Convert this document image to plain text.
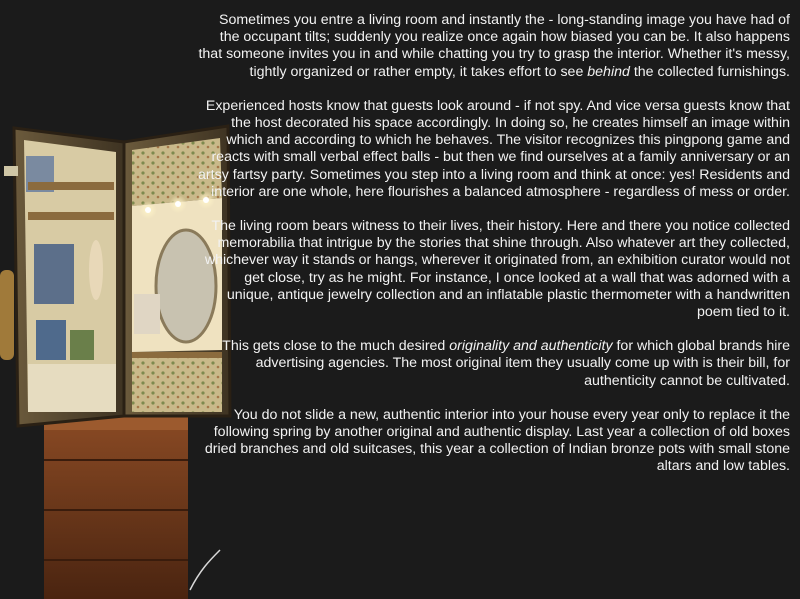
Sometimes you entre a living room and instantly the - long-standing image you have had of the occupant tilts; suddenly you realize once again how biased you can be. It also happens that someone invites you in and while chatting you try to grasp the interior. Whether it's messy, tightly organized or rather empty, it takes effort to see behind the collected furnishings.

Experienced hosts know that guests look around - if not spy. And vice versa guests know that the host decorated his space accordingly. In doing so, he creates himself an image within which and according to which he behaves. The visitor recognizes this pingpong game and reacts with small verbal effect balls - but then we find ourselves at a family anniversary or an artsy fartsy party. Sometimes you step into a living room and think at once: yes! Residents and interior are one whole, here flourishes a balanced atmosphere - regardless of mess or order.

The living room bears witness to their lives, their history. Here and there you notice collected memorabilia that intrigue by the stories that shine through. Also whatever art they collected, whichever way it stands or hangs, wherever it originated from, an exhibition curator would not get close, try as he might. For instance, I once looked at a wall that was adorned with a unique, antique jewelry collection and an inflatable plastic thermometer with a handwritten poem tied to it.

This gets close to the much desired originality and authenticity for which global brands hire advertising agencies. The most original item they usually come up with is their bill, for authenticity cannot be cultivated.

You do not slide a new, authentic interior into your house every year only to replace it the following spring by another original and authentic display. Last year a collection of old boxes dried branches and old suitcases, this year a collection of Indian bronze pots with small stone altars and low tables.
